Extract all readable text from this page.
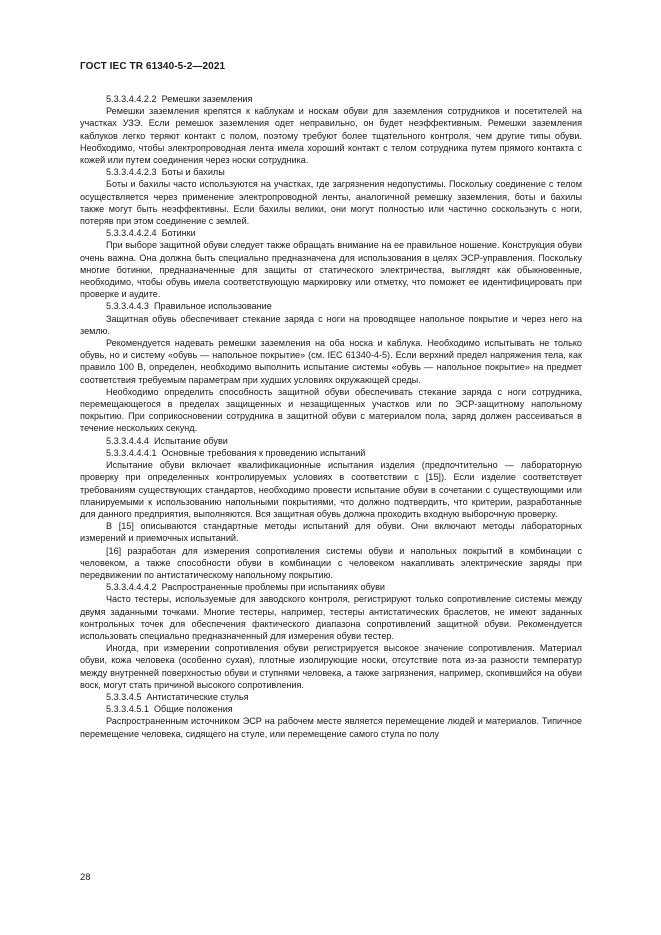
ГОСТ IEC TR 61340-5-2—2021

5.3.3.4.4.2.2 Ремешки заземления

Ремешки заземления крепятся к каблукам и носкам обуви для заземления сотрудников и посетителей на участках УЗЭ. Если ремешок заземления одет неправильно, он будет неэффективным. Ремешки заземления каблуков легко теряют контакт с полом, поэтому требуют более тщательного контроля, чем другие типы обуви. Необходимо, чтобы электропроводная лента имела хороший контакт с телом сотрудника путем прямого контакта с кожей или путем соединения через носки сотрудника.

5.3.3.4.4.2.3 Боты и бахилы

Боты и бахилы часто используются на участках, где загрязнения недопустимы. Поскольку соединение с телом осуществляется через применение электропроводной ленты, аналогичной ремешку заземления, боты и бахилы также могут быть неэффективны. Если бахилы велики, они могут полностью или частично соскользнуть с ноги, потеряв при этом соединение с землей.

5.3.3.4.4.2.4 Ботинки

При выборе защитной обуви следует также обращать внимание на ее правильное ношение. Конструкция обуви очень важна. Она должна быть специально предназначена для использования в целях ЭСР-управления. Поскольку многие ботинки, предназначенные для защиты от статического электричества, выглядят как обыкновенные, необходимо, чтобы обувь имела соответствующую маркировку или отметку, что поможет ее идентифицировать при проверке и аудите.

5.3.3.4.4.3 Правильное использование

Защитная обувь обеспечивает стекание заряда с ноги на проводящее напольное покрытие и через него на землю.

Рекомендуется надевать ремешки заземления на оба носка и каблука. Необходимо испытывать не только обувь, но и систему «обувь — напольное покрытие» (см. IEC 61340-4-5). Если верхний предел напряжения тела, как правило 100 В, определен, необходимо выполнить испытание системы «обувь — напольное покрытие» на предмет соответствия требуемым параметрам при худших условиях окружающей среды.

Необходимо определить способность защитной обуви обеспечивать стекание заряда с ноги сотрудника, перемещающегося в пределах защищенных и незащищенных участков или по ЭСР-защитному напольному покрытию. При соприкосновении сотрудника в защитной обуви с материалом пола, заряд должен рассеиваться в течение нескольких секунд.

5.3.3.4.4.4 Испытание обуви

5.3.3.4.4.4.1 Основные требования к проведению испытаний

Испытание обуви включает квалификационные испытания изделия (предпочтительно — лабораторную проверку при определенных контролируемых условиях в соответствии с [15]). Если изделие соответствует требованиям существующих стандартов, необходимо провести испытание обуви в сочетании с существующими или планируемыми к использованию напольными покрытиями, что должно подтвердить, что критерии, разработанные для данного предприятия, выполняются. Вся защитная обувь должна проходить входную выборочную проверку.

В [15] описываются стандартные методы испытаний для обуви. Они включают методы лабораторных измерений и приемочных испытаний.

[16] разработан для измерения сопротивления системы обуви и напольных покрытий в комбинации с человеком, а также способности обуви в комбинации с человеком накапливать электрические заряды при передвижении по антистатическому напольному покрытию.

5.3.3.4.4.4.2 Распространенные проблемы при испытаниях обуви

Часто тестеры, используемые для заводского контроля, регистрируют только сопротивление системы между двумя заданными точками. Многие тестеры, например, тестеры антистатических браслетов, не имеют заданных контрольных точек для обеспечения фактического диапазона сопротивлений защитной обуви. Рекомендуется использовать специально предназначенный для измерения обуви тестер.

Иногда, при измерении сопротивления обуви регистрируется высокое значение сопротивления. Материал обуви, кожа человека (особенно сухая), плотные изолирующие носки, отсутствие пота из-за разности температур между внутренней поверхностью обуви и ступнями человека, а также загрязнения, например, скопившийся на обуви воск, могут стать причиной высокого сопротивления.

5.3.3.4.5 Антистатические стулья

5.3.3.4.5.1 Общие положения

Распространенным источником ЭСР на рабочем месте является перемещение людей и материалов. Типичное перемещение человека, сидящего на стуле, или перемещение самого стула по полу

28
